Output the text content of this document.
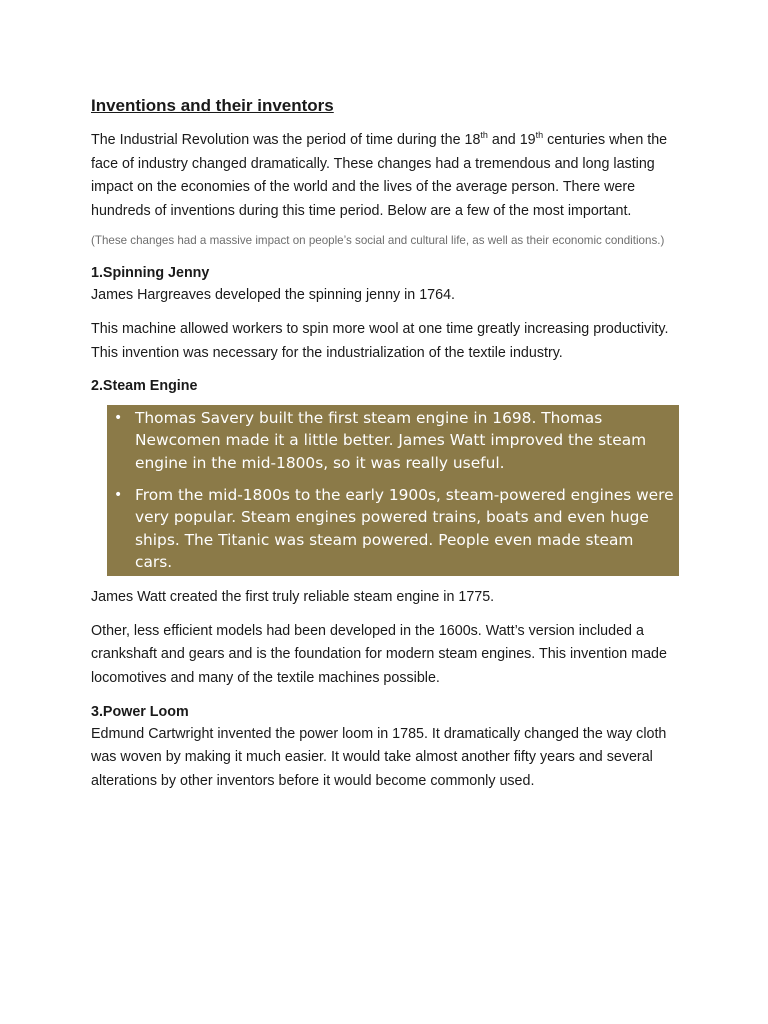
Inventions and their inventors

The Industrial Revolution was the period of time during the 18th and 19th centuries when the face of industry changed dramatically. These changes had a tremendous and long lasting impact on the economies of the world and the lives of the average person. There were hundreds of inventions during this time period. Below are a few of the most important.

(These changes had a massive impact on people’s social and cultural life, as well as their economic conditions.)

1.Spinning Jenny

James Hargreaves developed the spinning jenny in 1764.

This machine allowed workers to spin more wool at one time greatly increasing productivity. This invention was necessary for the industrialization of the textile industry.

2.Steam Engine
• Thomas Savery built the first steam engine in 1698. Thomas Newcomen made it a little better. James Watt improved the steam engine in the mid-1800s, so it was really useful.
• From the mid-1800s to the early 1900s, steam-powered engines were very popular. Steam engines powered trains, boats and even huge ships. The Titanic was steam powered. People even made steam cars.

James Watt created the first truly reliable steam engine in 1775.

Other, less efficient models had been developed in the 1600s. Watt’s version included a crankshaft and gears and is the foundation for modern steam engines. This invention made locomotives and many of the textile machines possible.

3.Power Loom

Edmund Cartwright invented the power loom in 1785. It dramatically changed the way cloth was woven by making it much easier. It would take almost another fifty years and several alterations by other inventors before it would become commonly used.
